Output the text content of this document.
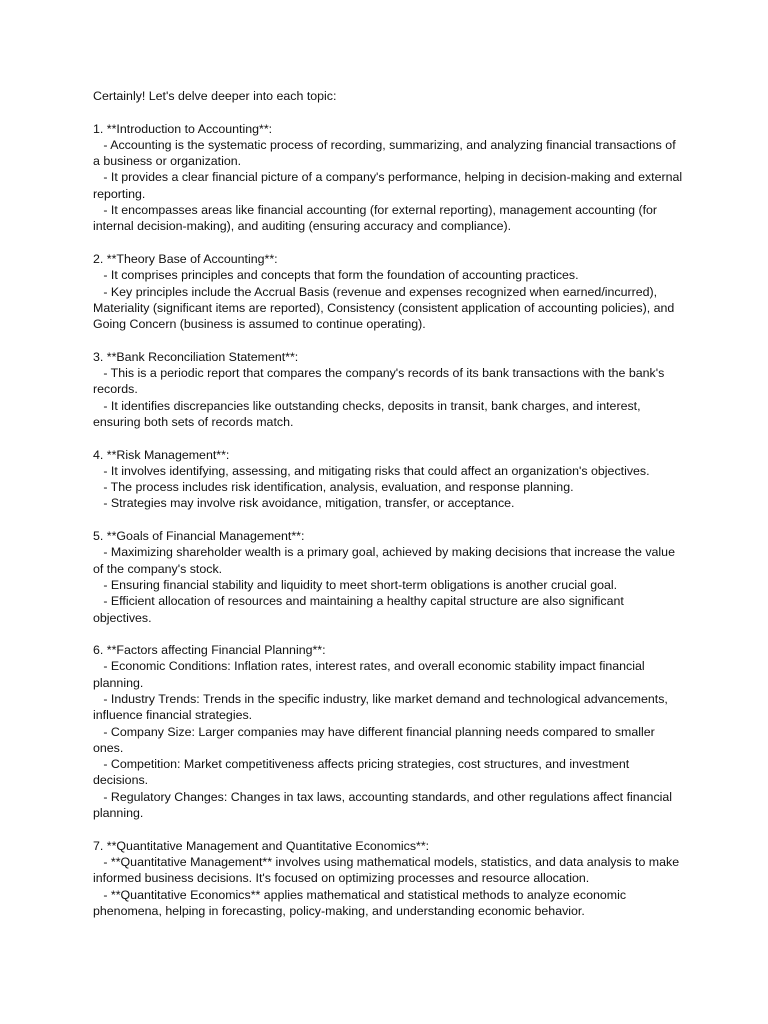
Certainly! Let's delve deeper into each topic:

1. **Introduction to Accounting**:

- Accounting is the systematic process of recording, summarizing, and analyzing financial transactions of a business or organization.

- It provides a clear financial picture of a company's performance, helping in decision-making and external reporting.

- It encompasses areas like financial accounting (for external reporting), management accounting (for internal decision-making), and auditing (ensuring accuracy and compliance).

2. **Theory Base of Accounting**:

- It comprises principles and concepts that form the foundation of accounting practices.

- Key principles include the Accrual Basis (revenue and expenses recognized when earned/incurred), Materiality (significant items are reported), Consistency (consistent application of accounting policies), and Going Concern (business is assumed to continue operating).

3. **Bank Reconciliation Statement**:

- This is a periodic report that compares the company's records of its bank transactions with the bank's records.

- It identifies discrepancies like outstanding checks, deposits in transit, bank charges, and interest, ensuring both sets of records match.

4. **Risk Management**:

- It involves identifying, assessing, and mitigating risks that could affect an organization's objectives.

- The process includes risk identification, analysis, evaluation, and response planning.

- Strategies may involve risk avoidance, mitigation, transfer, or acceptance.

5. **Goals of Financial Management**:

- Maximizing shareholder wealth is a primary goal, achieved by making decisions that increase the value of the company's stock.

- Ensuring financial stability and liquidity to meet short-term obligations is another crucial goal.

- Efficient allocation of resources and maintaining a healthy capital structure are also significant objectives.

6. **Factors affecting Financial Planning**:

- Economic Conditions: Inflation rates, interest rates, and overall economic stability impact financial planning.

- Industry Trends: Trends in the specific industry, like market demand and technological advancements, influence financial strategies.

- Company Size: Larger companies may have different financial planning needs compared to smaller ones.

- Competition: Market competitiveness affects pricing strategies, cost structures, and investment decisions.

- Regulatory Changes: Changes in tax laws, accounting standards, and other regulations affect financial planning.

7. **Quantitative Management and Quantitative Economics**:

- **Quantitative Management** involves using mathematical models, statistics, and data analysis to make informed business decisions. It's focused on optimizing processes and resource allocation.

- **Quantitative Economics** applies mathematical and statistical methods to analyze economic phenomena, helping in forecasting, policy-making, and understanding economic behavior.
